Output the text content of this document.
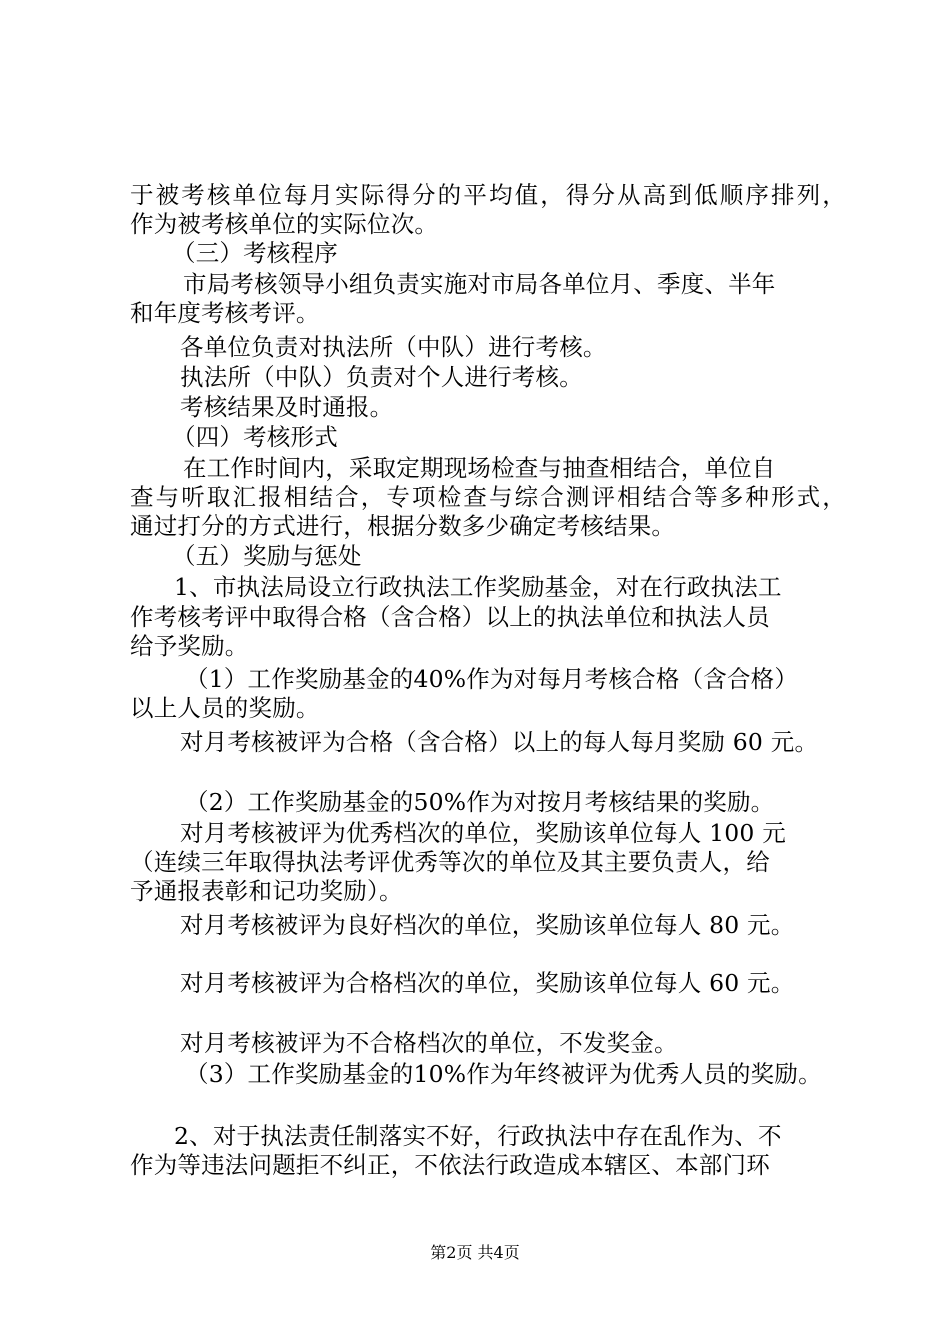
于被考核单位每月实际得分的平均值，得分从高到低顺序排列，
作为被考核单位的实际位次。
（三）考核程序
市局考核领导小组负责实施对市局各单位月、季度、半年
和年度考核考评。
各单位负责对执法所（中队）进行考核。
执法所（中队）负责对个人进行考核。
考核结果及时通报。
（四）考核形式
在工作时间内，采取定期现场检查与抽查相结合，单位自
查与听取汇报相结合，专项检查与综合测评相结合等多种形式，
通过打分的方式进行，根据分数多少确定考核结果。
（五）奖励与惩处
1、市执法局设立行政执法工作奖励基金，对在行政执法工
作考核考评中取得合格（含合格）以上的执法单位和执法人员
给予奖励。
（1）工作奖励基金的40%作为对每月考核合格（含合格）
以上人员的奖励。
对月考核被评为合格（含合格）以上的每人每月奖励 60 元。
（2）工作奖励基金的50%作为对按月考核结果的奖励。
对月考核被评为优秀档次的单位，奖励该单位每人 100 元
（连续三年取得执法考评优秀等次的单位及其主要负责人，给
予通报表彰和记功奖励）。
对月考核被评为良好档次的单位，奖励该单位每人 80 元。
对月考核被评为合格档次的单位，奖励该单位每人 60 元。
对月考核被评为不合格档次的单位，不发奖金。
（3）工作奖励基金的10%作为年终被评为优秀人员的奖励。
2、对于执法责任制落实不好，行政执法中存在乱作为、不
作为等违法问题拒不纠正，不依法行政造成本辖区、本部门环
第2页 共4页
